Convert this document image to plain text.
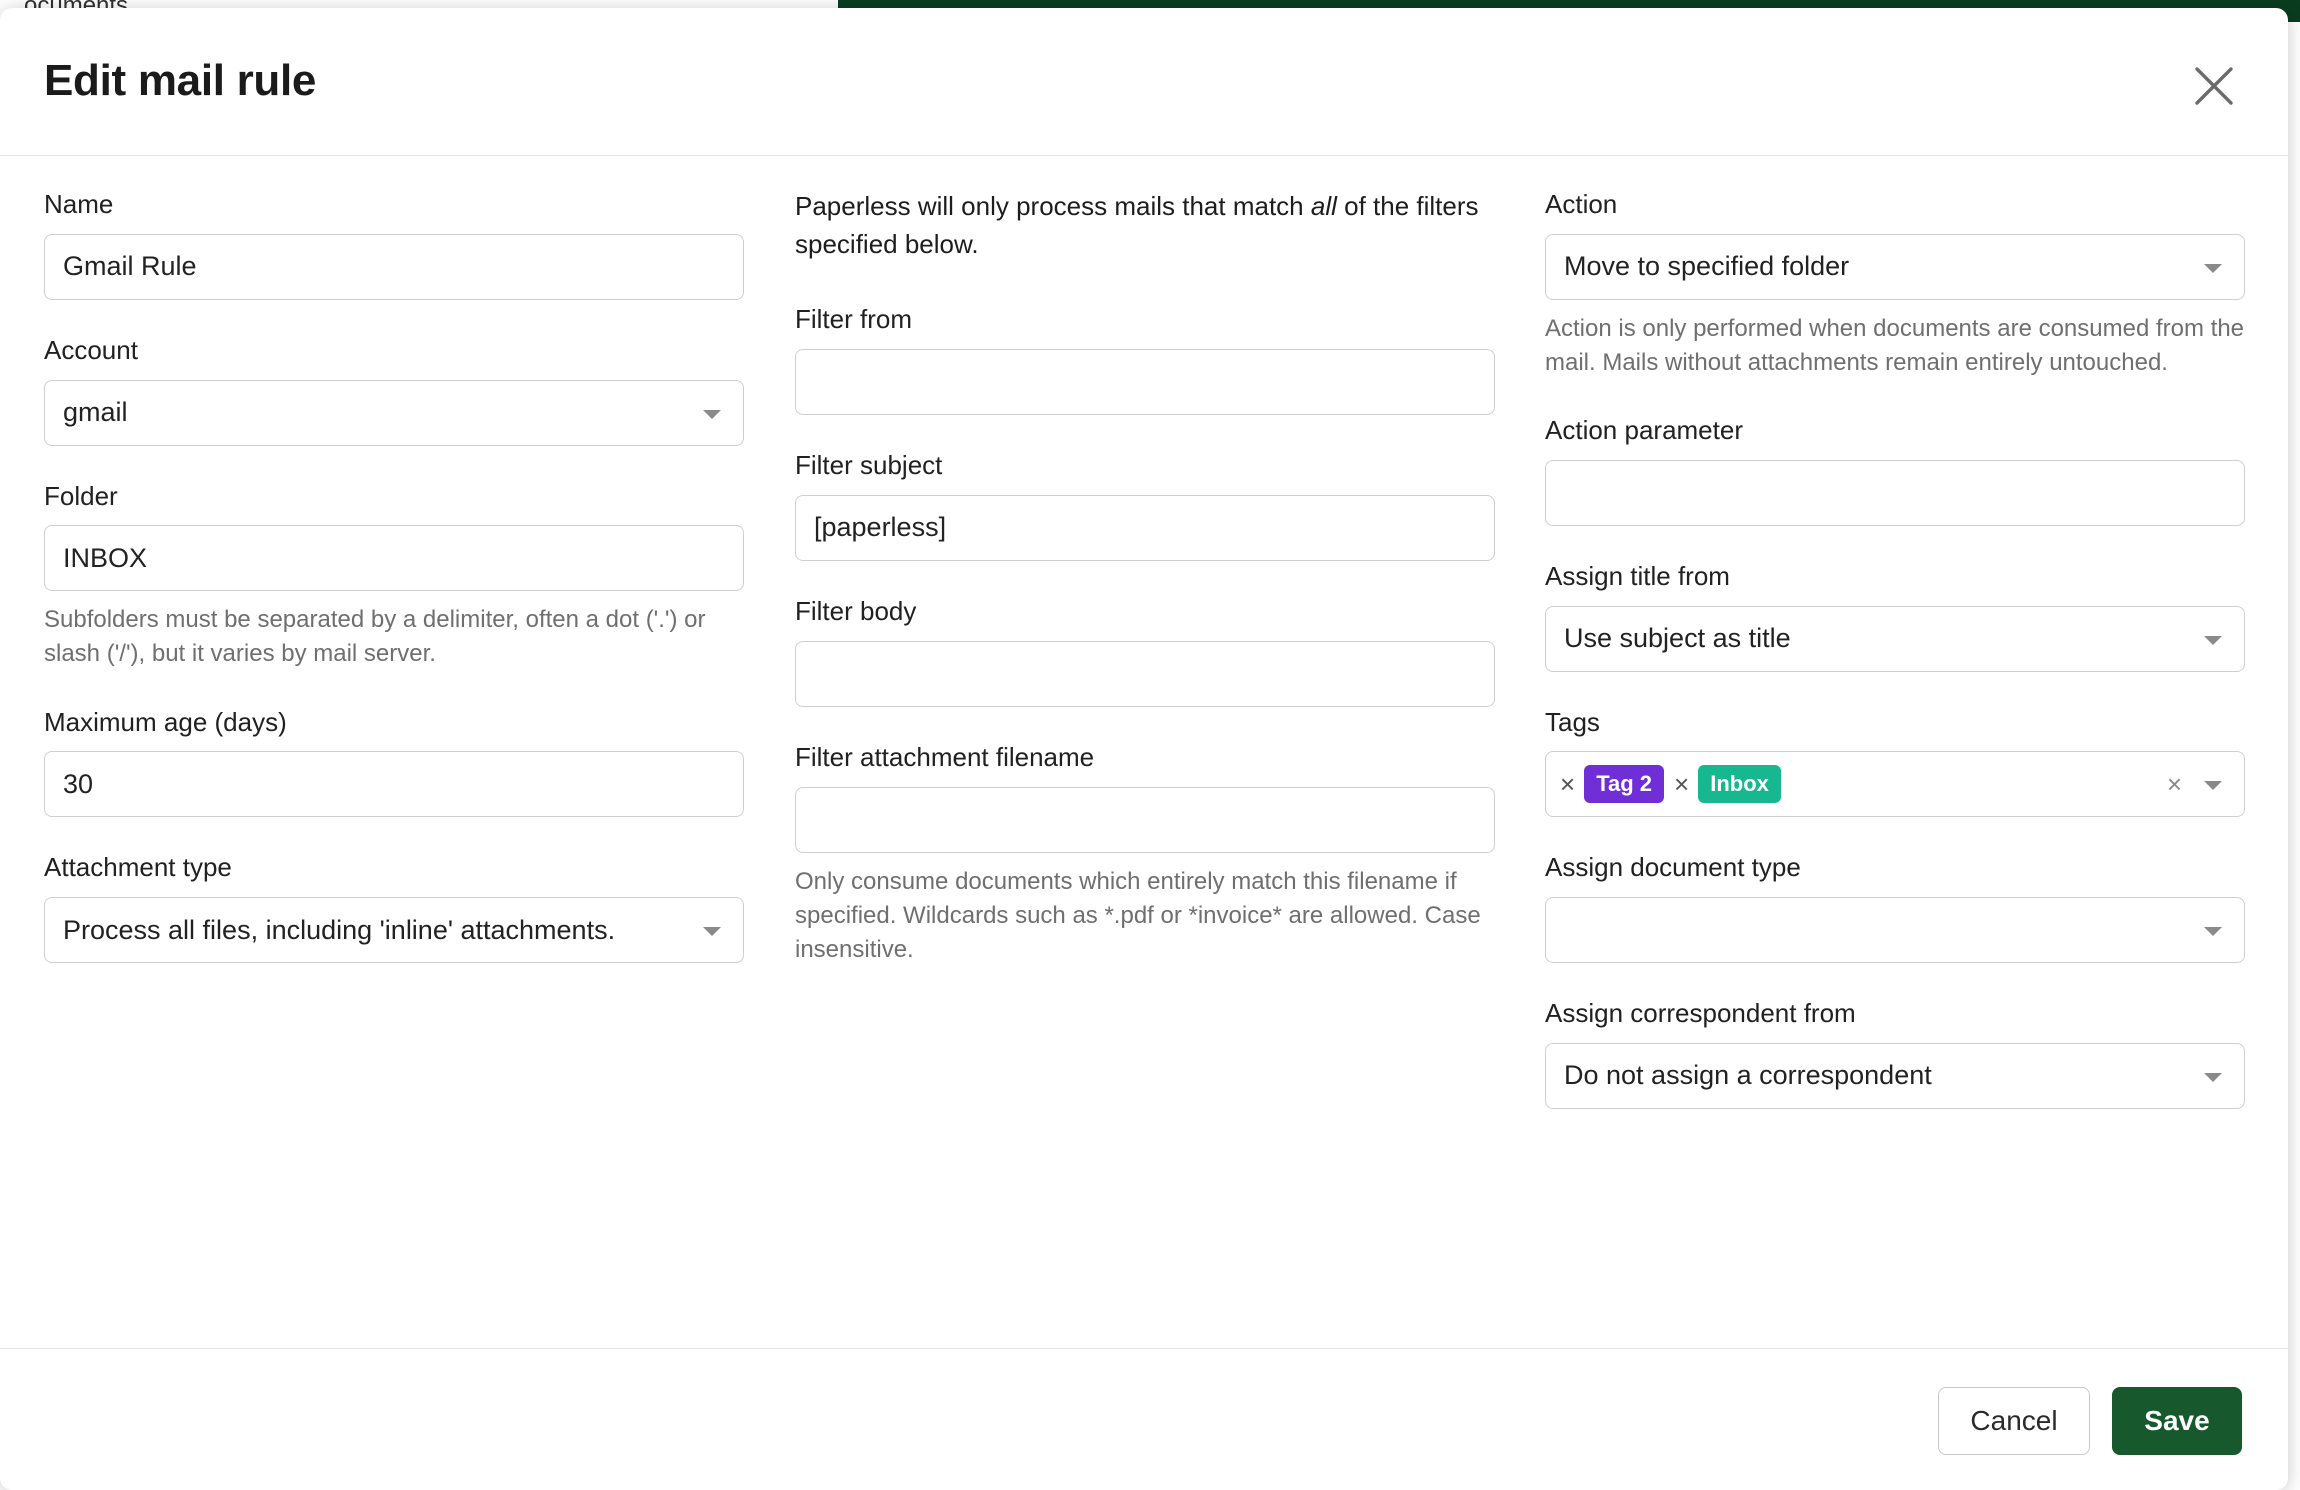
Edit mail rule
Name
Gmail Rule
Account
gmail
Folder
INBOX
Subfolders must be separated by a delimiter, often a dot ('.') or slash ('/'), but it varies by mail server.
Maximum age (days)
30
Attachment type
Process all files, including 'inline' attachments.

Paperless will only process mails that match all of the filters specified below.

Filter from
Filter subject
[paperless]
Filter body
Filter attachment filename
Only consume documents which entirely match this filename if specified. Wildcards such as *.pdf or *invoice* are allowed. Case insensitive.
Action
Move to specified folder
Action is only performed when documents are consumed from the mail. Mails without attachments remain entirely untouched.
Action parameter
Assign title from
Use subject as title
Tags
× Tag 2 × Inbox	×
Assign document type
Assign correspondent from
Do not assign a correspondent
Cancel	Save
